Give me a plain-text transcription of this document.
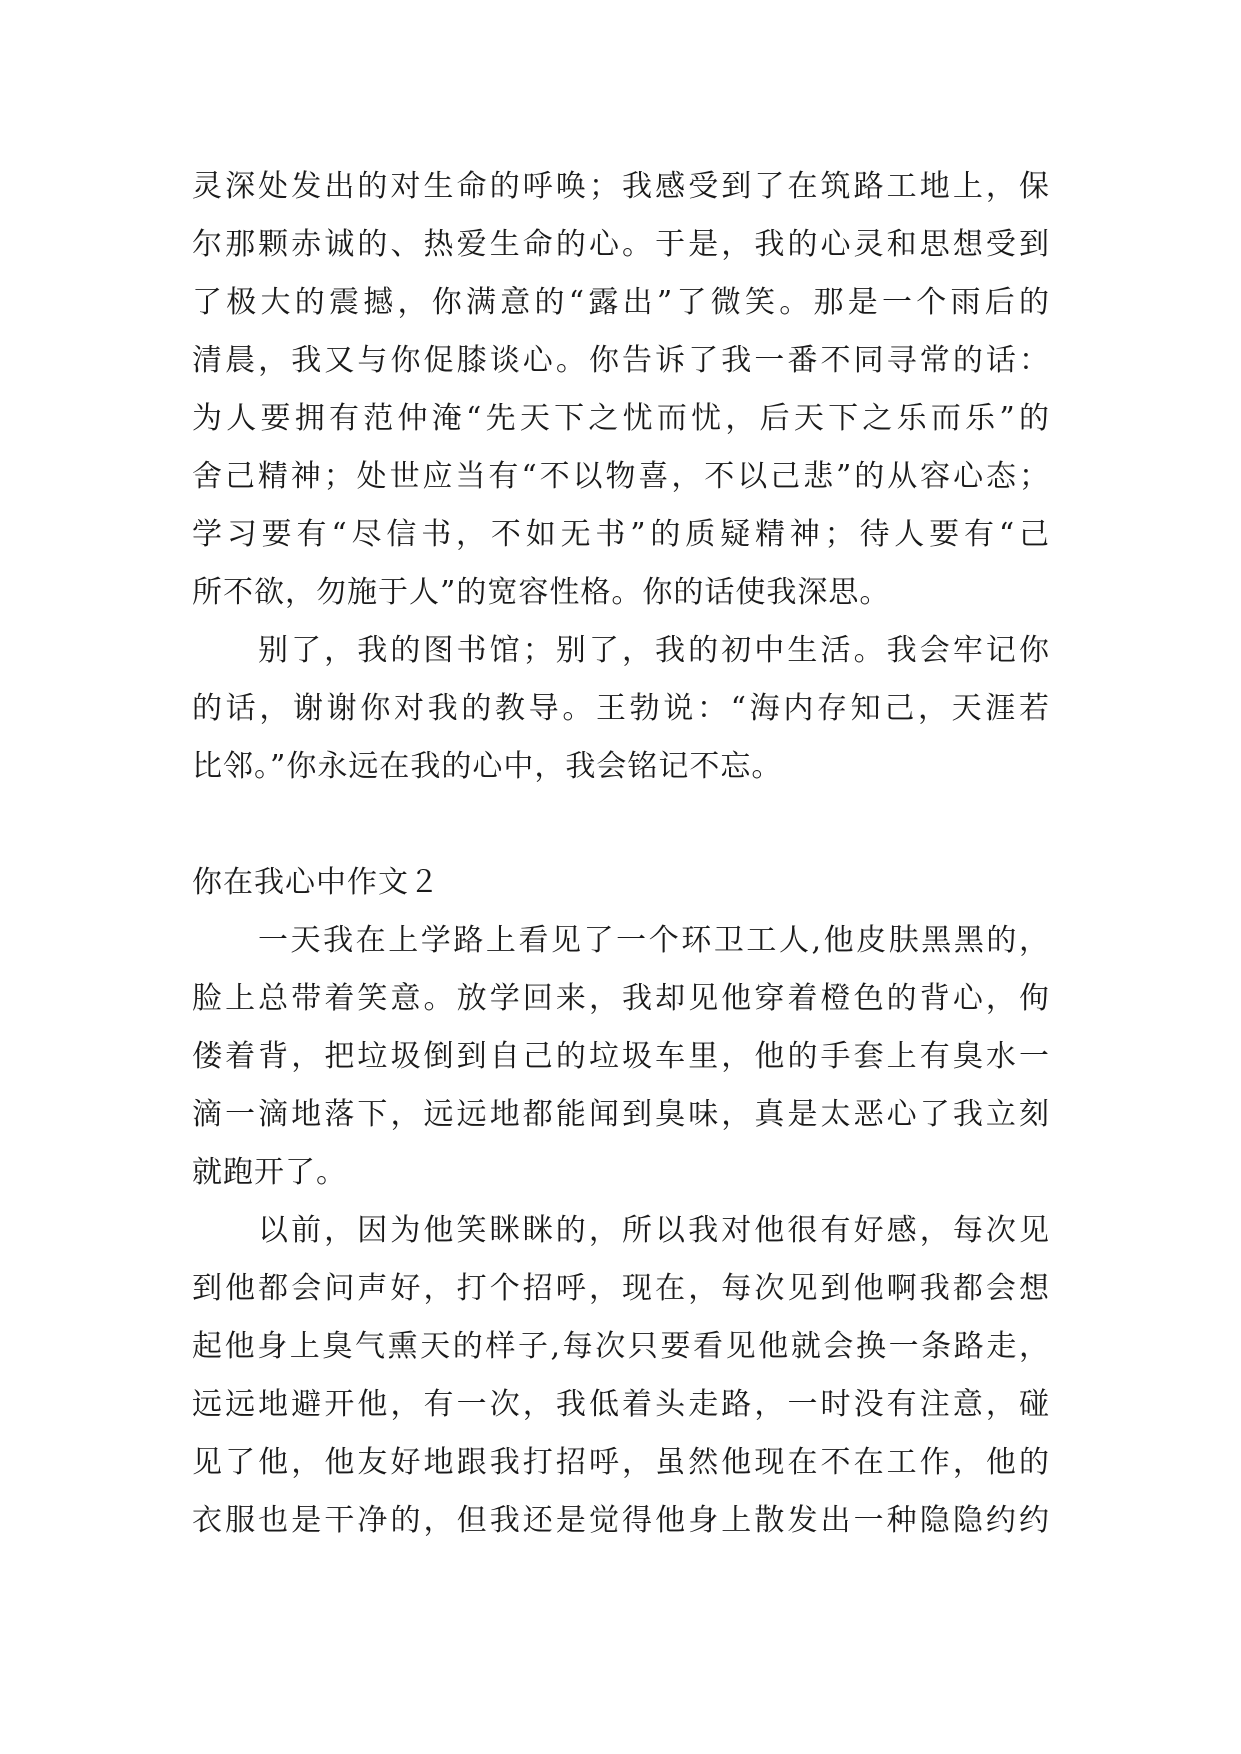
灵深处发出的对生命的呼唤；我感受到了在筑路工地上，保
尔那颗赤诚的、热爱生命的心。于是，我的心灵和思想受到
了极大的震撼，你满意的“露出”了微笑。那是一个雨后的
清晨，我又与你促膝谈心。你告诉了我一番不同寻常的话：
为人要拥有范仲淹“先天下之忧而忧，后天下之乐而乐”的
舍己精神；处世应当有“不以物喜，不以己悲”的从容心态；
学习要有“尽信书，不如无书”的质疑精神；待人要有“己
所不欲，勿施于人”的宽容性格。你的话使我深思。
别了，我的图书馆；别了，我的初中生活。我会牢记你
的话，谢谢你对我的教导。王勃说：“海内存知己，天涯若
比邻。”你永远在我的心中，我会铭记不忘。
你在我心中作文２
一天我在上学路上看见了一个环卫工人,他皮肤黑黑的，
脸上总带着笑意。放学回来，我却见他穿着橙色的背心，佝
偻着背，把垃圾倒到自己的垃圾车里，他的手套上有臭水一
滴一滴地落下，远远地都能闻到臭味，真是太恶心了我立刻
就跑开了。
以前，因为他笑眯眯的，所以我对他很有好感，每次见
到他都会问声好，打个招呼，现在，每次见到他啊我都会想
起他身上臭气熏天的样子,每次只要看见他就会换一条路走，
远远地避开他，有一次，我低着头走路，一时没有注意，碰
见了他，他友好地跟我打招呼，虽然他现在不在工作，他的
衣服也是干净的，但我还是觉得他身上散发出一种隐隐约约
